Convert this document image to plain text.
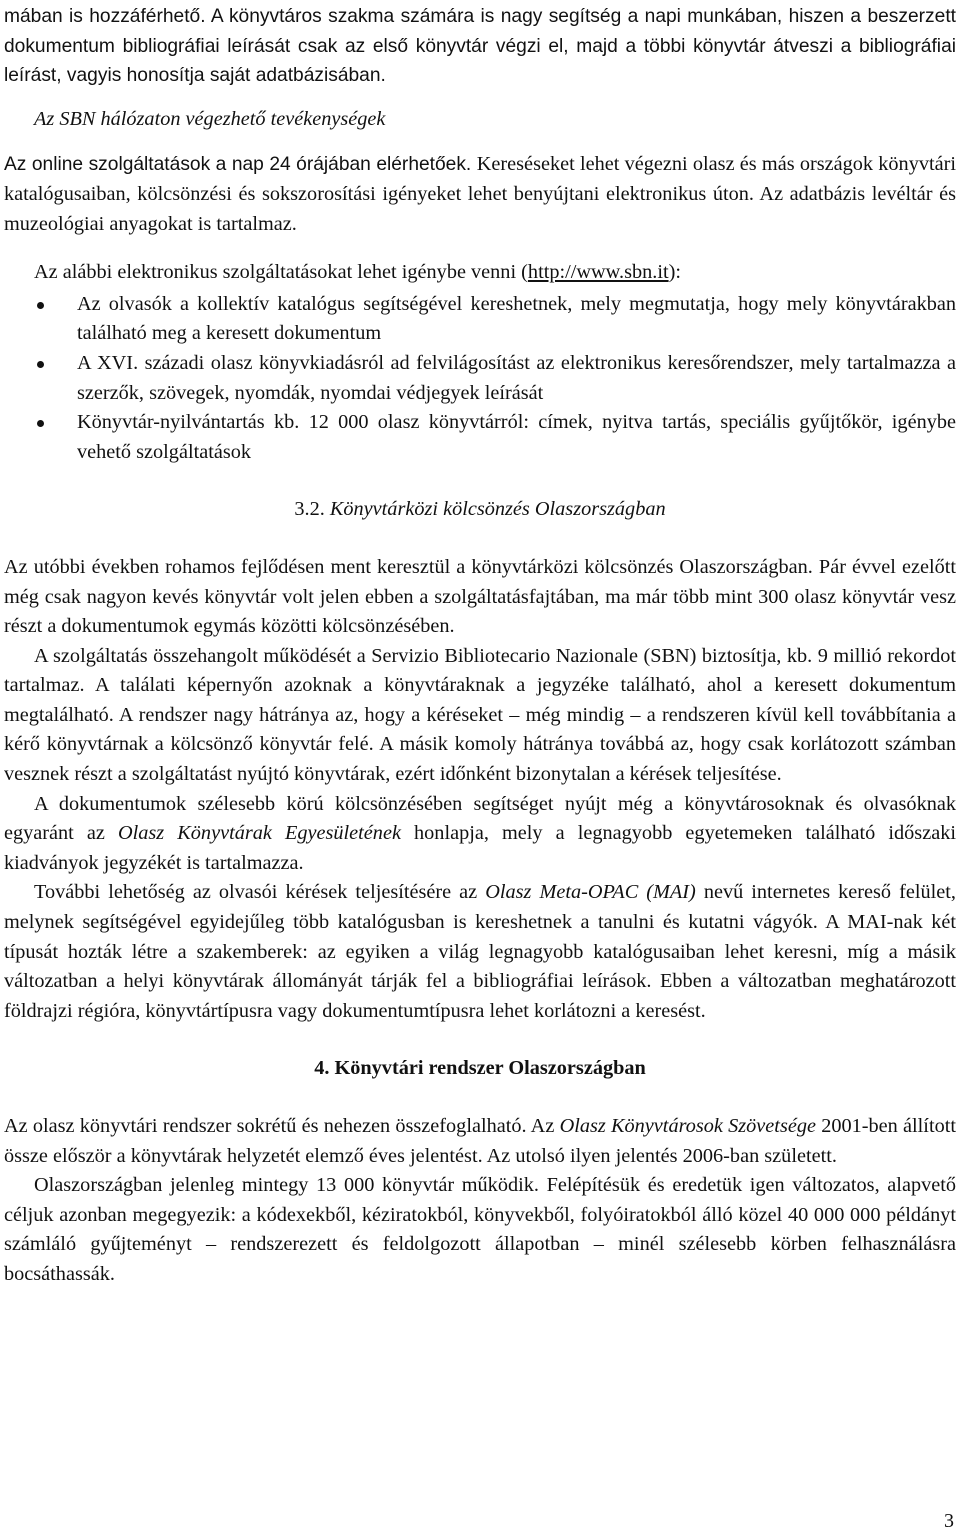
mában is hozzáférhető. A könyvtáros szakma számára is nagy segítség a napi munkában, hiszen a beszerzett dokumentum bibliográfiai leírását csak az első könyvtár végzi el, majd a többi könyvtár átveszi a bibliográfiai leírást, vagyis honosítja saját adatbázisában.

Az SBN hálózaton végezhető tevékenységek

Az online szolgáltatások a nap 24 órájában elérhetőek. Kereséseket lehet végezni olasz és más országok könyvtári katalógusaiban, kölcsönzési és sokszorosítási igényeket lehet benyújtani elektronikus úton. Az adatbázis levéltár és muzeológiai anyagokat is tartalmaz.

Az alábbi elektronikus szolgáltatásokat lehet igénybe venni (http://www.sbn.it):

Az olvasók a kollektív katalógus segítségével kereshetnek, mely megmutatja, hogy mely könyvtárakban található meg a keresett dokumentum
A XVI. századi olasz könyvkiadásról ad felvilágosítást az elektronikus keresőrendszer, mely tartalmazza a szerzők, szövegek, nyomdák, nyomdai védjegyek leírását
Könyvtár-nyilvántartás kb. 12 000 olasz könyvtárról: címek, nyitva tartás, speciális gyűjtőkör, igénybe vehető szolgáltatások

3.2. Könyvtárközi kölcsönzés Olaszországban

Az utóbbi években rohamos fejlődésen ment keresztül a könyvtárközi kölcsönzés Olaszországban. Pár évvel ezelőtt még csak nagyon kevés könyvtár volt jelen ebben a szolgáltatásfajtában, ma már több mint 300 olasz könyvtár vesz részt a dokumentumok egymás közötti kölcsönzésében.

A szolgáltatás összehangolt működését a Servizio Bibliotecario Nazionale (SBN) biztosítja, kb. 9 millió rekordot tartalmaz. A találati képernyőn azoknak a könyvtáraknak a jegyzéke található, ahol a keresett dokumentum megtalálható. A rendszer nagy hátránya az, hogy a kéréseket – még mindig – a rendszeren kívül kell továbbítania a kérő könyvtárnak a kölcsönző könyvtár felé. A másik komoly hátránya továbbá az, hogy csak korlátozott számban vesznek részt a szolgáltatást nyújtó könyvtárak, ezért időnként bizonytalan a kérések teljesítése.

A dokumentumok szélesebb körú kölcsönzésében segítséget nyújt még a könyvtárosoknak és olvasóknak egyaránt az Olasz Könyvtárak Egyesületének honlapja, mely a legnagyobb egyetemeken található időszaki kiadványok jegyzékét is tartalmazza.

További lehetőség az olvasói kérések teljesítésére az Olasz Meta-OPAC (MAI) nevű internetes kereső felület, melynek segítségével egyidejűleg több katalógusban is kereshetnek a tanulni és kutatni vágyók. A MAI-nak két típusát hozták létre a szakemberek: az egyiken a világ legnagyobb katalógusaiban lehet keresni, míg a másik változatban a helyi könyvtárak állományát tárják fel a bibliográfiai leírások. Ebben a változatban meghatározott földrajzi régióra, könyvtártípusra vagy dokumentumtípusra lehet korlátozni a keresést.

4. Könyvtári rendszer Olaszországban

Az olasz könyvtári rendszer sokrétű és nehezen összefoglalható. Az Olasz Könyvtárosok Szövetsége 2001-ben állított össze először a könyvtárak helyzetét elemző éves jelentést. Az utolsó ilyen jelentés 2006-ban született.

Olaszországban jelenleg mintegy 13 000 könyvtár működik. Felépítésük és eredetük igen változatos, alapvető céljuk azonban megegyezik: a kódexekből, kéziratokból, könyvekből, folyóiratokból álló közel 40 000 000 példányt számláló gyűjteményt – rendszerezett és feldolgozott állapotban – minél szélesebb körben felhasználásra bocsáthassák.

3
